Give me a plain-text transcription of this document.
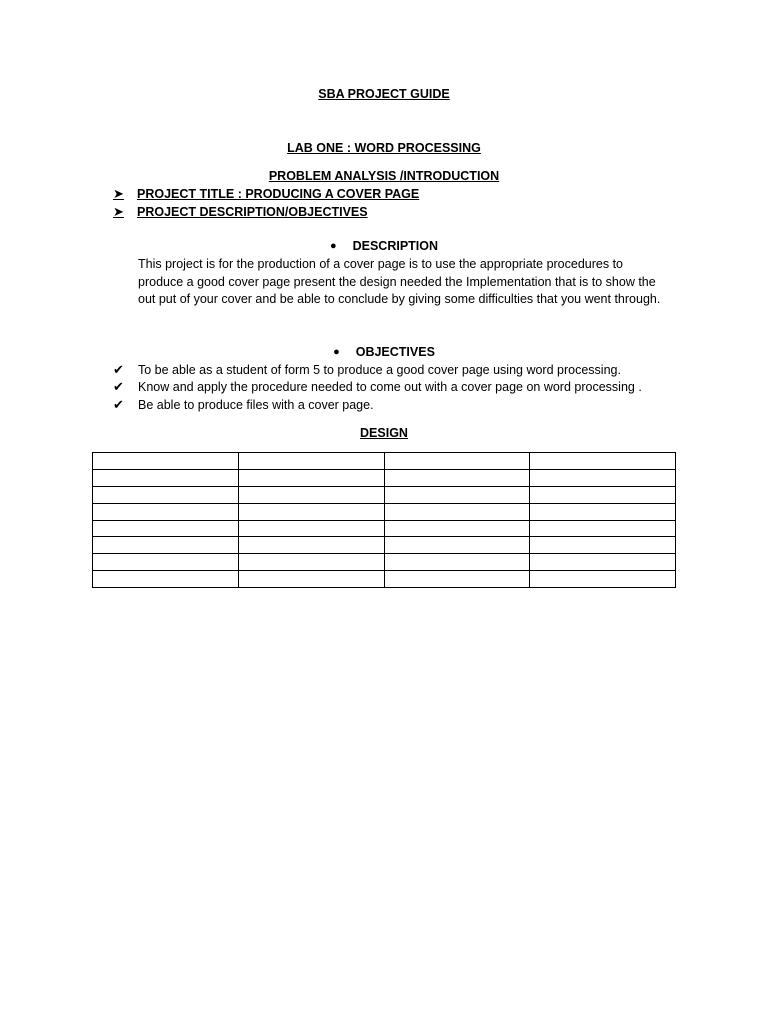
SBA PROJECT GUIDE
LAB ONE : WORD PROCESSING
PROBLEM ANALYSIS /INTRODUCTION
➤	PROJECT TITLE : PRODUCING A COVER PAGE
➤	PROJECT DESCRIPTION/OBJECTIVES
● DESCRIPTION
This project is for the production of a cover page is to use the appropriate procedures to produce a good cover page present the design needed the Implementation that is to show the out put of your cover and be able to conclude by giving some difficulties that you went through.
● OBJECTIVES
✔	To be able as a student of form 5 to produce a good cover page using word processing.
✔	Know and apply the procedure needed to come out with a cover page on word processing .
✔	Be able to produce files with a cover page.
DESIGN
